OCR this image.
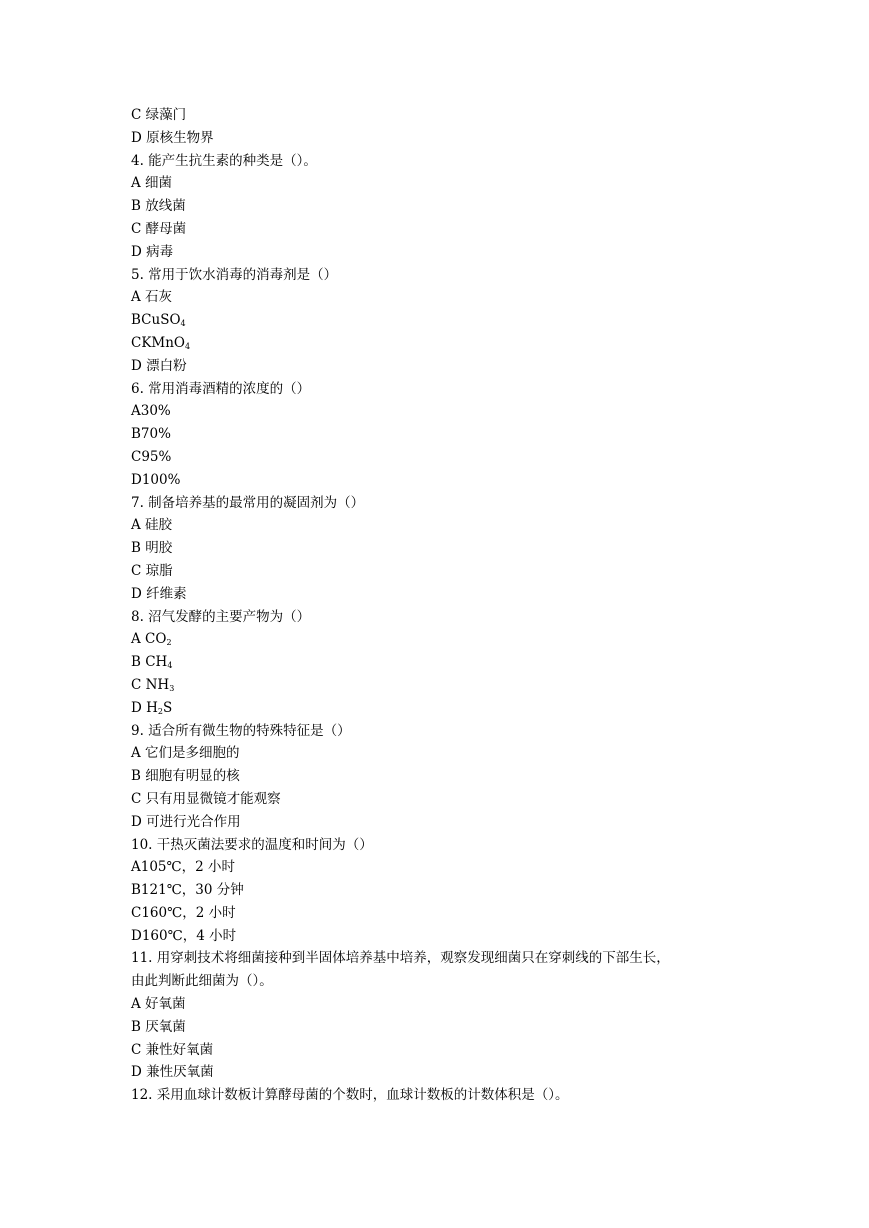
C 绿藻门
D 原核生物界
4. 能产生抗生素的种类是（）。
A 细菌
B 放线菌
C 酵母菌
D 病毒
5. 常用于饮水消毒的消毒剂是（）
A 石灰
BCuSO$_4$
CKMnO$_4$
D 漂白粉
6. 常用消毒酒精的浓度的（）
A30%
B70%
C95%
D100%
7. 制备培养基的最常用的凝固剂为（）
A 硅胶
B 明胶
C 琼脂
D 纤维素
8. 沼气发酵的主要产物为（）
A $CO_2$
B $CH_4$
C $NH_3$
D $H_2S$
9. 适合所有微生物的特殊特征是（）
A 它们是多细胞的
B 细胞有明显的核
C 只有用显微镜才能观察
D 可进行光合作用
10. 干热灭菌法要求的温度和时间为（）
A105℃，2 小时
B121℃，30 分钟
C160℃，2 小时
D160℃，4 小时
11. 用穿刺技术将细菌接种到半固体培养基中培养，观察发现细菌只在穿刺线的下部生长，
由此判断此细菌为（）。
A 好氧菌
B 厌氧菌
C 兼性好氧菌
D 兼性厌氧菌
12. 采用血球计数板计算酵母菌的个数时，血球计数板的计数体积是（）。
